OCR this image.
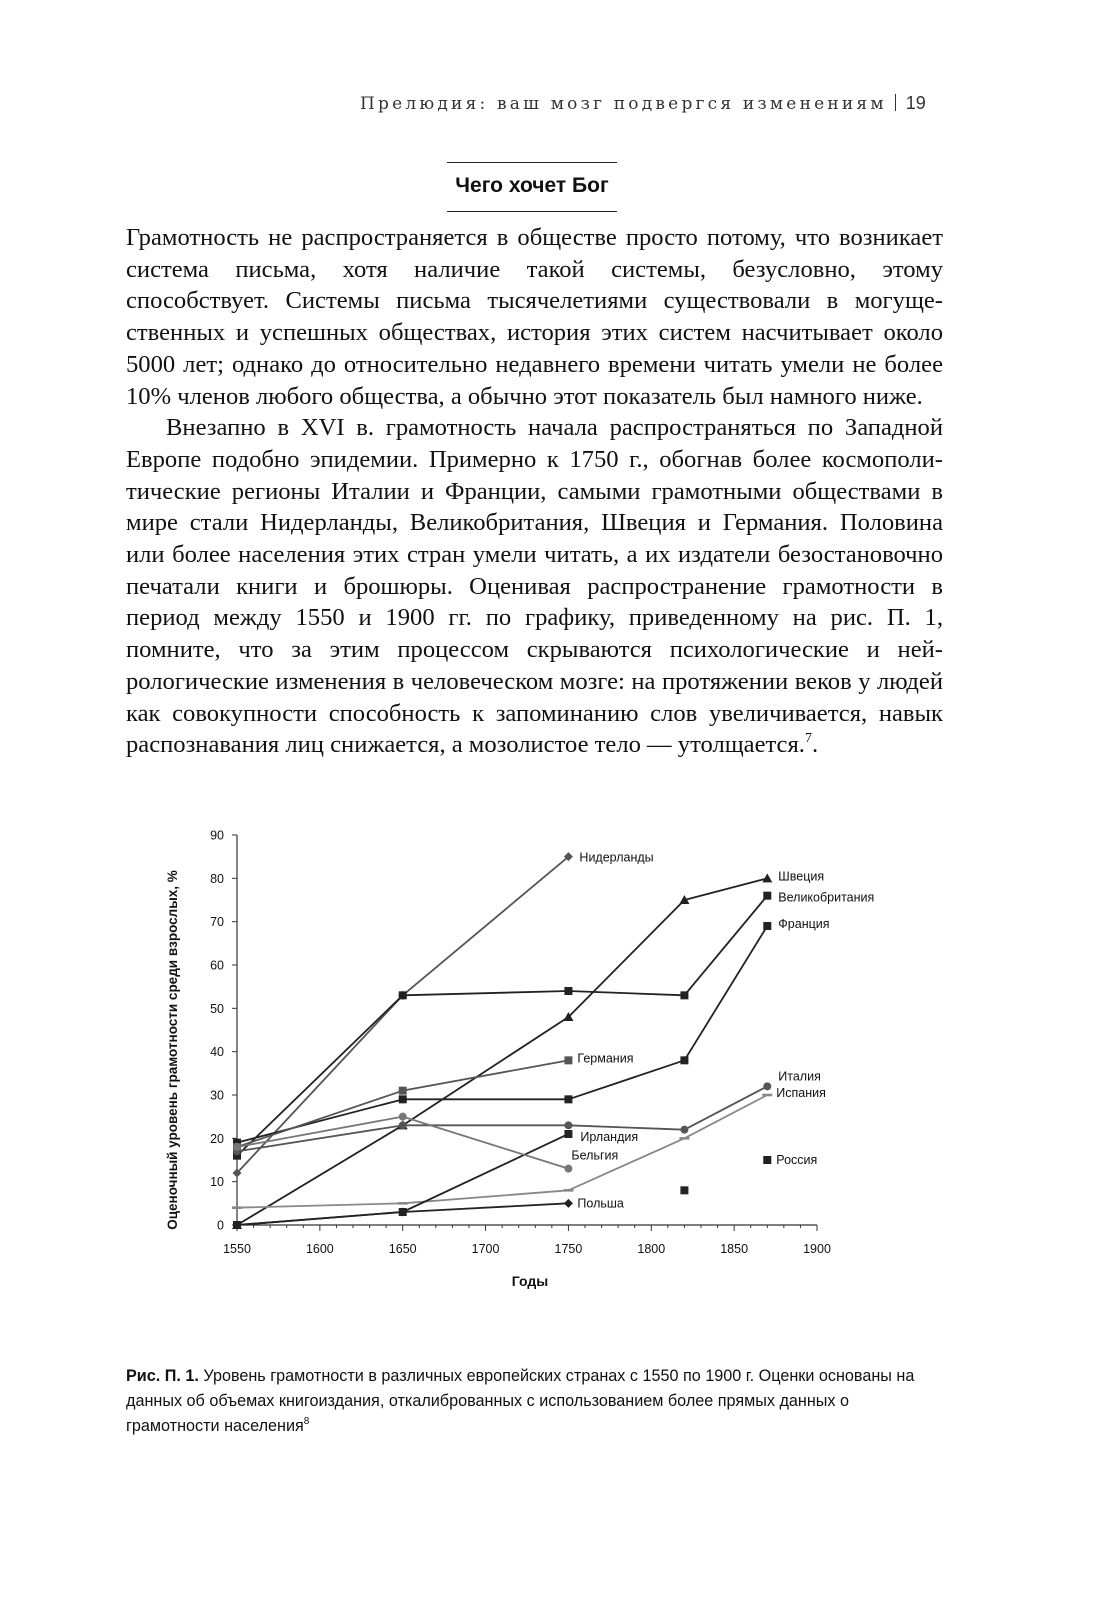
Прелюдия: ваш мозг подвергся изменениям 19
Чего хочет Бог

Грамотность не распространяется в обществе просто потому, что возникает система письма, хотя наличие такой системы, безусловно, этому способствует. Системы письма тысячелетиями существовали в могущественных и успешных обществах, история этих систем насчитывает около 5000 лет; однако до относительно недавнего времени читать умели не более 10% членов любого общества, а обычно этот показатель был намного ниже.

Внезапно в XVI в. грамотность начала распространяться по Западной Европе подобно эпидемии. Примерно к 1750 г., обогнав более космополитические регионы Италии и Франции, самыми грамотными обществами в мире стали Нидерланды, Великобритания, Швеция и Германия. Половина или более населения этих стран умели читать, а их издатели безостановочно печатали книги и брошюры. Оценивая распространение грамотности в период между 1550 и 1900 гг. по графику, приведенному на рис. П. 1, помните, что за этим процессом скрываются психологические и нейрологические изменения в человеческом мозге: на протяжении веков у людей как совокупности способность к запоминанию слов увеличивается, навык распознавания лиц снижается, а мозолистое тело — утолщается.$^7$.

0
10
20
30
40
50
60
70
80
90
1550	1600	1650	1700	1750	1800	1850	1900
Нидерланды
Швеция
Великобритания
Франция
Германия
Италия
Испания
Ирландия
Бельгия
Польша
Россия
Оценочный уровень грамотности среди взрослых, %
Годы
Рис. П. 1. Уровень грамотности в различных европейских странах с 1550 по 1900 г. Оценки основаны на данных об объемах книгоиздания, откалиброванных с использованием более прямых данных о грамотности населения$^8$
